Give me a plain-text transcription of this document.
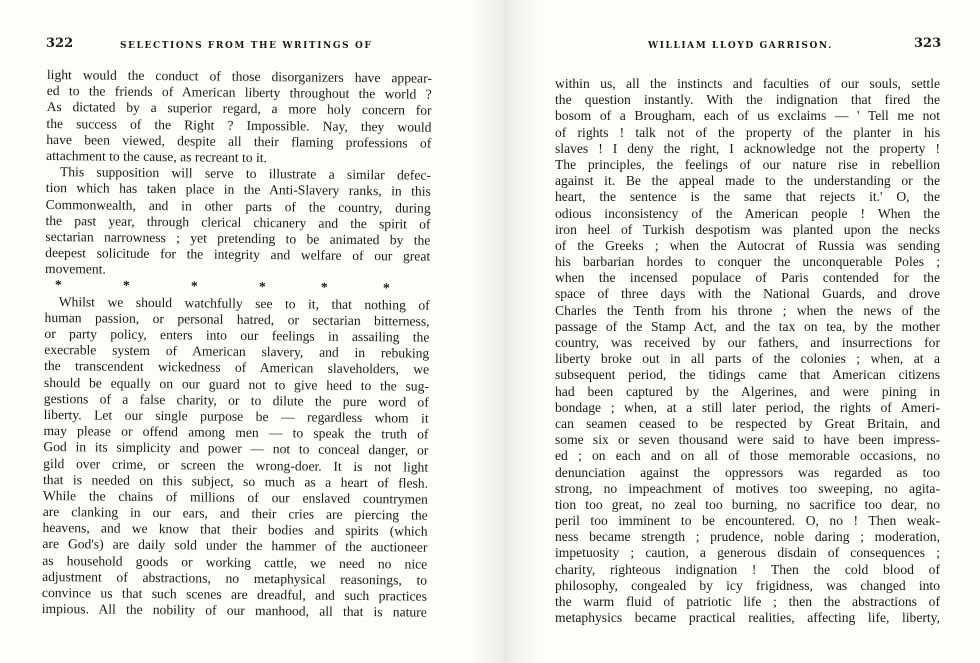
322	SELECTIONS FROM THE WRITINGS OF
light would the conduct of those disorganizers have appear-
ed to the friends of American liberty throughout the world ?
As dictated by a superior regard, a more holy concern for
the success of the Right ? Impossible. Nay, they would
have been viewed, despite all their flaming professions of
attachment to the cause, as recreant to it.
This supposition will serve to illustrate a similar defec-
tion which has taken place in the Anti-Slavery ranks, in this
Commonwealth, and in other parts of the country, during
the past year, through clerical chicanery and the spirit of
sectarian narrowness ; yet pretending to be animated by the
deepest solicitude for the integrity and welfare of our great
movement.
*	*	*	*	*	*
Whilst we should watchfully see to it, that nothing of
human passion, or personal hatred, or sectarian bitterness,
or party policy, enters into our feelings in assailing the
execrable system of American slavery, and in rebuking
the transcendent wickedness of American slaveholders, we
should be equally on our guard not to give heed to the sug-
gestions of a false charity, or to dilute the pure word of
liberty. Let our single purpose be — regardless whom it
may please or offend among men — to speak the truth of
God in its simplicity and power — not to conceal danger, or
gild over crime, or screen the wrong-doer. It is not light
that is needed on this subject, so much as a heart of flesh.
While the chains of millions of our enslaved countrymen
are clanking in our ears, and their cries are piercing the
heavens, and we know that their bodies and spirits (which
are God's) are daily sold under the hammer of the auctioneer
as household goods or working cattle, we need no nice
adjustment of abstractions, no metaphysical reasonings, to
convince us that such scenes are dreadful, and such practices
impious. All the nobility of our manhood, all that is nature
WILLIAM LLOYD GARRISON.	323
within us, all the instincts and faculties of our souls, settle
the question instantly. With the indignation that fired the
bosom of a Brougham, each of us exclaims — ' Tell me not
of rights ! talk not of the property of the planter in his
slaves ! I deny the right, I acknowledge not the property !
The principles, the feelings of our nature rise in rebellion
against it. Be the appeal made to the understanding or the
heart, the sentence is the same that rejects it.' O, the
odious inconsistency of the American people ! When the
iron heel of Turkish despotism was planted upon the necks
of the Greeks ; when the Autocrat of Russia was sending
his barbarian hordes to conquer the unconquerable Poles ;
when the incensed populace of Paris contended for the
space of three days with the National Guards, and drove
Charles the Tenth from his throne ; when the news of the
passage of the Stamp Act, and the tax on tea, by the mother
country, was received by our fathers, and insurrections for
liberty broke out in all parts of the colonies ; when, at a
subsequent period, the tidings came that American citizens
had been captured by the Algerines, and were pining in
bondage ; when, at a still later period, the rights of Ameri-
can seamen ceased to be respected by Great Britain, and
some six or seven thousand were said to have been impress-
ed ; on each and on all of those memorable occasions, no
denunciation against the oppressors was regarded as too
strong, no impeachment of motives too sweeping, no agita-
tion too great, no zeal too burning, no sacrifice too dear, no
peril too imminent to be encountered. O, no ! Then weak-
ness became strength ; prudence, noble daring ; moderation,
impetuosity ; caution, a generous disdain of consequences ;
charity, righteous indignation ! Then the cold blood of
philosophy, congealed by icy frigidness, was changed into
the warm fluid of patriotic life ; then the abstractions of
metaphysics became practical realities, affecting life, liberty,
